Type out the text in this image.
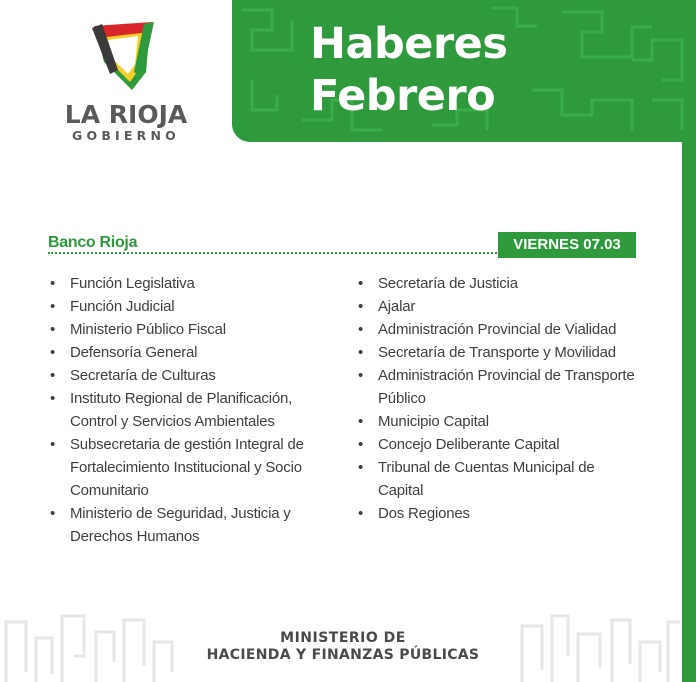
LA RIOJA
GOBIERNO
Haberes
Febrero
Banco Rioja	VIERNES 07.03
• Función Legislativa
• Función Judicial
• Ministerio Público Fiscal
• Defensoría General
• Secretaría de Culturas
• Instituto Regional de Planificación,
Control y Servicios Ambientales
• Subsecretaria de gestión Integral de
Fortalecimiento Institucional y Socio
Comunitario
• Ministerio de Seguridad, Justicia y
Derechos Humanos
• Secretaría de Justicia
• Ajalar
• Administración Provincial de Vialidad
• Secretaría de Transporte y Movilidad
• Administración Provincial de Transporte
Público
• Municipio Capital
• Concejo Deliberante Capital
• Tribunal de Cuentas Municipal de
Capital
• Dos Regiones
MINISTERIO DE
HACIENDA Y FINANZAS PÚBLICAS
